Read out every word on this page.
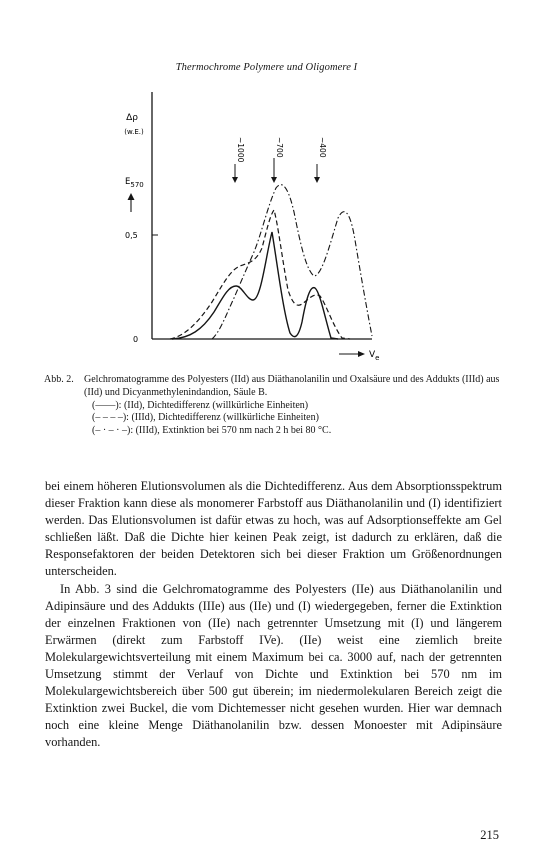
Thermochrome Polymere und Oligomere I
Δρ
(w.E.)
$E_{570}$
0,5
0
~1000	~700	~400
$V_e$
Abb. 2. Gelchromatogramme des Polyesters (IId) aus Diäthanolanilin und Oxalsäure und des Addukts (IIId) aus (IId) und Dicyanmethylenindandion, Säule B.
(——): (IId), Dichtedifferenz (willkürliche Einheiten)
(– – – –): (IIId), Dichtedifferenz (willkürliche Einheiten)
(– · – · –): (IIId), Extinktion bei 570 nm nach 2 h bei 80 °C.

bei einem höheren Elutionsvolumen als die Dichtedifferenz. Aus dem Absorptionsspektrum dieser Fraktion kann diese als monomerer Farbstoff aus Diäthanolanilin und (I) identifiziert werden. Das Elutionsvolumen ist dafür etwas zu hoch, was auf Adsorptionseffekte am Gel schließen läßt. Daß die Dichte hier keinen Peak zeigt, ist dadurch zu erklären, daß die Responsefaktoren der beiden Detektoren sich bei dieser Fraktion um Größenordnungen unterscheiden.

In Abb. 3 sind die Gelchromatogramme des Polyesters (IIe) aus Diäthanolanilin und Adipinsäure und des Addukts (IIIe) aus (IIe) und (I) wiedergegeben, ferner die Extinktion der einzelnen Fraktionen von (IIe) nach getrennter Umsetzung mit (I) und längerem Erwärmen (direkt zum Farbstoff IVe). (IIe) weist eine ziemlich breite Molekulargewichtsverteilung mit einem Maximum bei ca. 3000 auf, nach der getrennten Umsetzung stimmt der Verlauf von Dichte und Extinktion bei 570 nm im Molekulargewichtsbereich über 500 gut überein; im niedermolekularen Bereich zeigt die Extinktion zwei Buckel, die vom Dichtemesser nicht gesehen wurden. Hier war demnach noch eine kleine Menge Diäthanolanilin bzw. dessen Monoester mit Adipinsäure vorhanden.

215
